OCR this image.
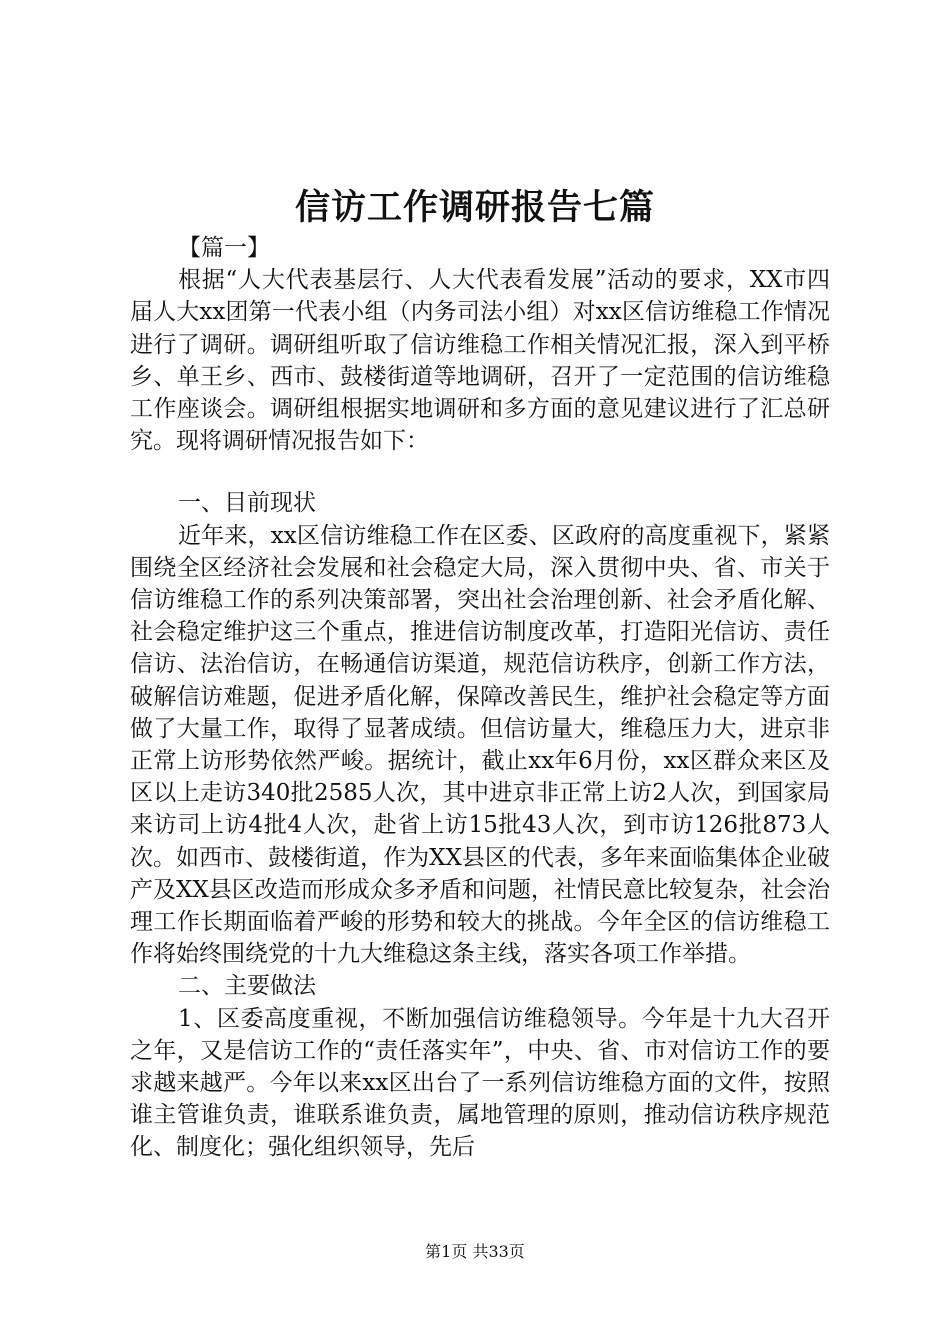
信访工作调研报告七篇

【篇一】

根据“人大代表基层行、人大代表看发展”活动的要求，XX市四届人大xx团第一代表小组（内务司法小组）对xx区信访维稳工作情况进行了调研。调研组听取了信访维稳工作相关情况汇报，深入到平桥乡、单王乡、西市、鼓楼街道等地调研，召开了一定范围的信访维稳工作座谈会。调研组根据实地调研和多方面的意见建议进行了汇总研究。现将调研情况报告如下：

一、目前现状

近年来，xx区信访维稳工作在区委、区政府的高度重视下，紧紧围绕全区经济社会发展和社会稳定大局，深入贯彻中央、省、市关于信访维稳工作的系列决策部署，突出社会治理创新、社会矛盾化解、社会稳定维护这三个重点，推进信访制度改革，打造阳光信访、责任信访、法治信访，在畅通信访渠道，规范信访秩序，创新工作方法，破解信访难题，促进矛盾化解，保障改善民生，维护社会稳定等方面做了大量工作，取得了显著成绩。但信访量大，维稳压力大，进京非正常上访形势依然严峻。据统计，截止xx年6月份，xx区群众来区及区以上走访340批2585人次，其中进京非正常上访2人次，到国家局来访司上访4批4人次，赴省上访15批43人次，到市访126批873人次。如西市、鼓楼街道，作为XX县区的代表，多年来面临集体企业破产及XX县区改造而形成众多矛盾和问题，社情民意比较复杂，社会治理工作长期面临着严峻的形势和较大的挑战。今年全区的信访维稳工作将始终围绕党的十九大维稳这条主线，落实各项工作举措。

二、主要做法

1、区委高度重视，不断加强信访维稳领导。今年是十九大召开之年，又是信访工作的“责任落实年”，中央、省、市对信访工作的要求越来越严。今年以来xx区出台了一系列信访维稳方面的文件，按照谁主管谁负责，谁联系谁负责，属地管理的原则，推动信访秩序规范化、制度化；强化组织领导，先后

第1页 共33页
